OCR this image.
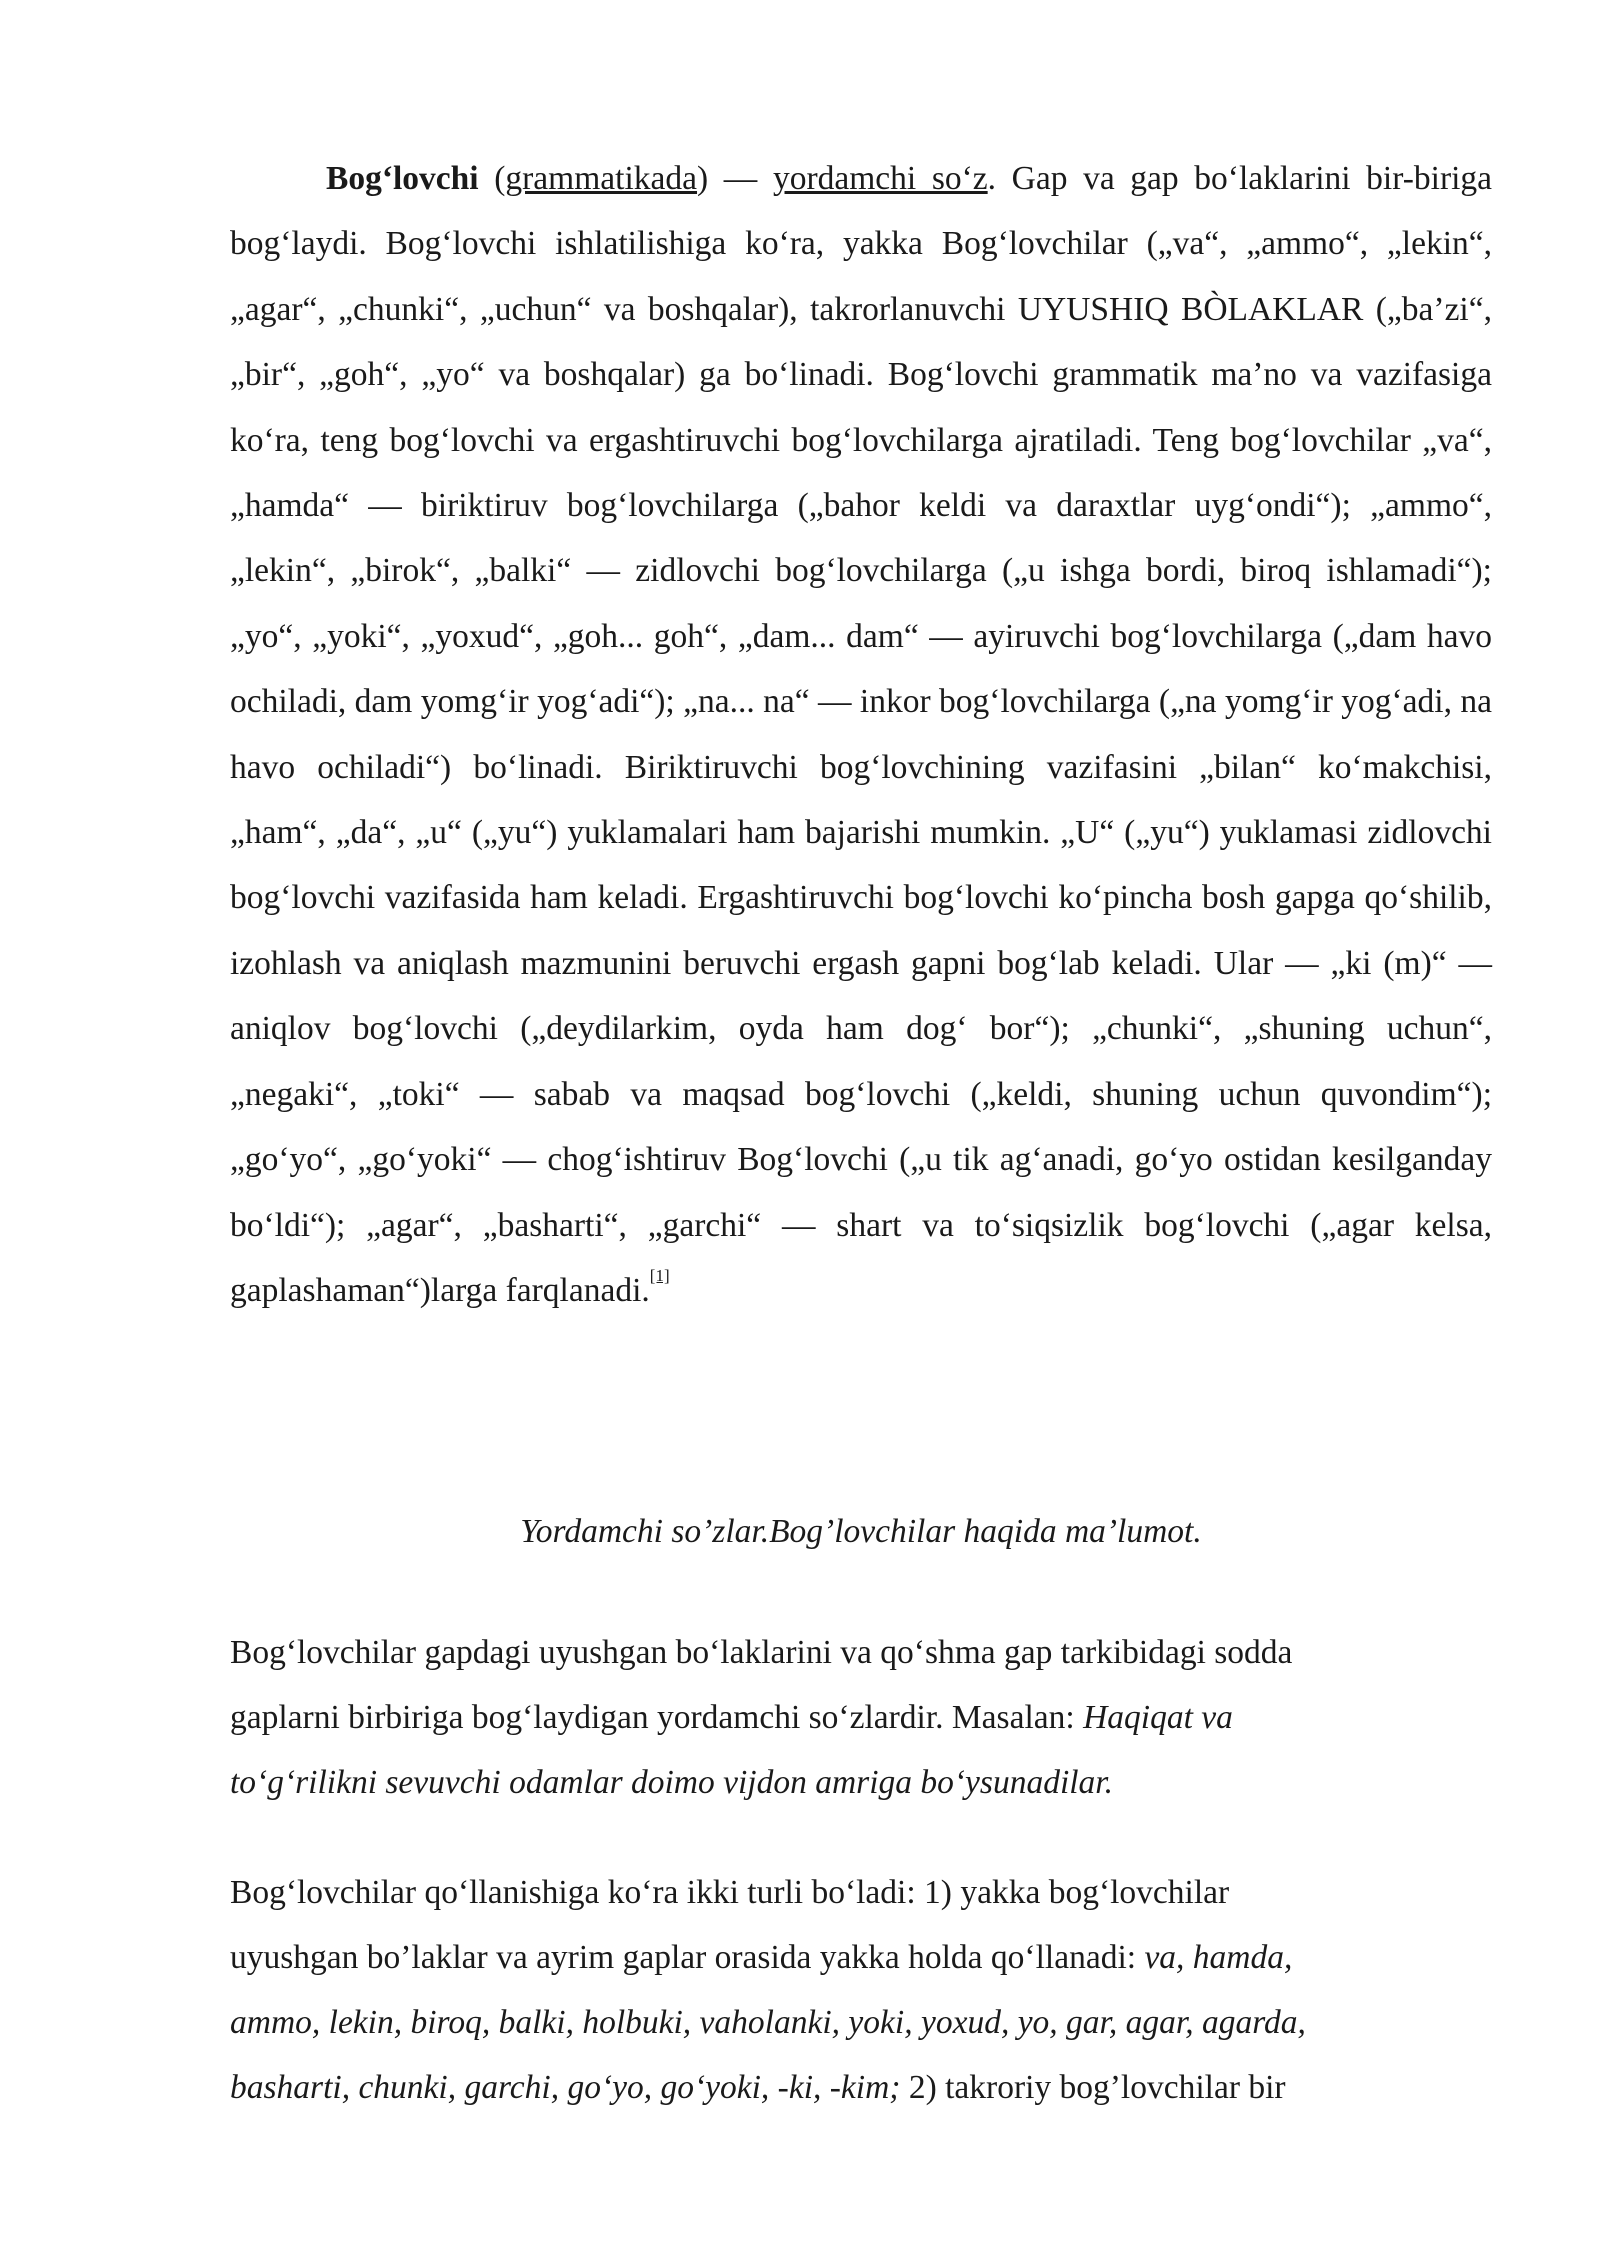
Bog‘lovchi (grammatikada) — yordamchi so‘z. Gap va gap bo‘laklarini bir-biriga bog‘laydi. Bog‘lovchi ishlatilishiga ko‘ra, yakka Bog‘lovchilar („va“, „ammo“, „lekin“, „agar“, „chunki“, „uchun“ va boshqalar), takrorlanuvchi UYUSHIQ BÒLAKLAR („ba’zi“, „bir“, „goh“, „yo“ va boshqalar) ga bo‘linadi. Bog‘lovchi grammatik ma’no va vazifasiga ko‘ra, teng bog‘lovchi va ergashtiruvchi bog‘lovchilarga ajratiladi. Teng bog‘lovchilar „va“, „hamda“ — biriktiruv bog‘lovchilarga („bahor keldi va daraxtlar uyg‘ondi“); „ammo“, „lekin“, „birok“, „balki“ — zidlovchi bog‘lovchilarga („u ishga bordi, biroq ishlamadi“); „yo“, „yoki“, „yoxud“, „goh... goh“, „dam... dam“ — ayiruvchi bog‘lovchilarga („dam havo ochiladi, dam yomg‘ir yog‘adi“); „na... na“ — inkor bog‘lovchilarga („na yomg‘ir yog‘adi, na havo ochiladi“) bo‘linadi. Biriktiruvchi bog‘lovchining vazifasini „bilan“ ko‘makchisi, „ham“, „da“, „u“ („yu“) yuklamalari ham bajarishi mumkin. „U“ („yu“) yuklamasi zidlovchi bog‘lovchi vazifasida ham keladi. Ergashtiruvchi bog‘lovchi ko‘pincha bosh gapga qo‘shilib, izohlash va aniqlash mazmunini beruvchi ergash gapni bog‘lab keladi. Ular — „ki (m)“ — aniqlov bog‘lovchi („deydilarkim, oyda ham dog‘ bor“); „chunki“, „shuning uchun“, „negaki“, „toki“ — sabab va maqsad bog‘lovchi („keldi, shuning uchun quvondim“); „go‘yo“, „go‘yoki“ — chog‘ishtiruv Bog‘lovchi („u tik ag‘anadi, go‘yo ostidan kesilganday bo‘ldi“); „agar“, „basharti“, „garchi“ — shart va to‘siqsizlik bog‘lovchi („agar kelsa, gaplashaman“)larga farqlanadi.[1]
Yordamchi so’zlar.Bog’lovchilar haqida ma’lumot.
Bog‘lovchilar gapdagi uyushgan bo‘laklarini va qo‘shma gap tarkibidagi sodda
gaplarni birbiriga bog‘laydigan yordamchi so‘zlardir. Masalan: Haqiqat va
to‘g‘rilikni sevuvchi odamlar doimo vijdon amriga bo‘ysunadilar.
Bog‘lovchilar qo‘llanishiga ko‘ra ikki turli bo‘ladi: 1) yakka bog‘lovchilar
uyushgan bo’laklar va ayrim gaplar orasida yakka holda qo‘llanadi: va, hamda,
ammo, lekin, biroq, balki, holbuki, vaholanki, yoki, yoxud, yo, gar, agar, agarda,
basharti, chunki, garchi, go‘yo, go‘yoki, -ki, -kim; 2) takroriy bog’lovchilar bir
